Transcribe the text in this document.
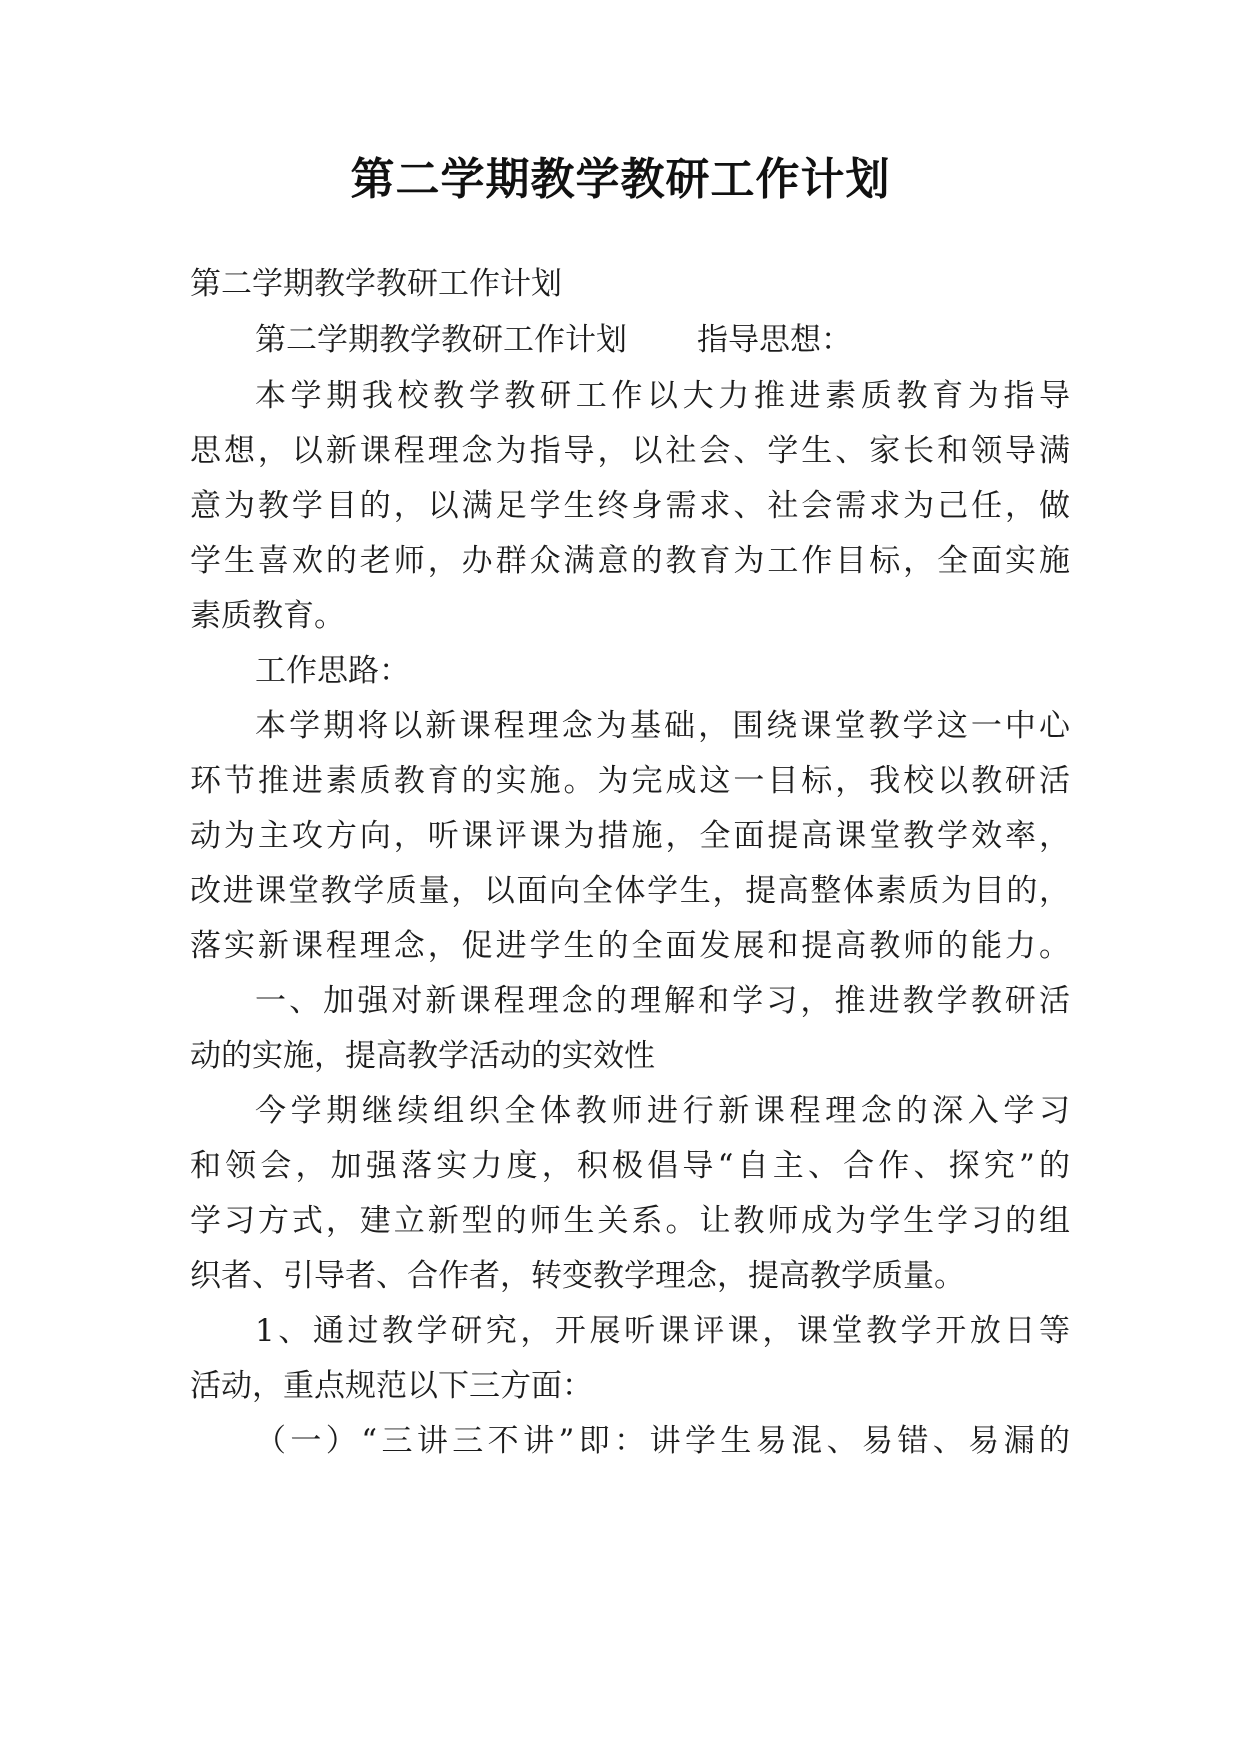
第二学期教学教研工作计划
第二学期教学教研工作计划
第二学期教学教研工作计划 指导思想：
本学期我校教学教研工作以大力推进素质教育为指导
思想，以新课程理念为指导，以社会、学生、家长和领导满
意为教学目的，以满足学生终身需求、社会需求为己任，做
学生喜欢的老师，办群众满意的教育为工作目标，全面实施
素质教育。
工作思路：
本学期将以新课程理念为基础，围绕课堂教学这一中心
环节推进素质教育的实施。为完成这一目标，我校以教研活
动为主攻方向，听课评课为措施，全面提高课堂教学效率，
改进课堂教学质量，以面向全体学生，提高整体素质为目的，
落实新课程理念，促进学生的全面发展和提高教师的能力。
一、加强对新课程理念的理解和学习，推进教学教研活
动的实施，提高教学活动的实效性
今学期继续组织全体教师进行新课程理念的深入学习
和领会，加强落实力度，积极倡导“自主、合作、探究”的
学习方式，建立新型的师生关系。让教师成为学生学习的组
织者、引导者、合作者，转变教学理念，提高教学质量。
1、通过教学研究，开展听课评课，课堂教学开放日等
活动，重点规范以下三方面：
（一）“三讲三不讲”即：讲学生易混、易错、易漏的
